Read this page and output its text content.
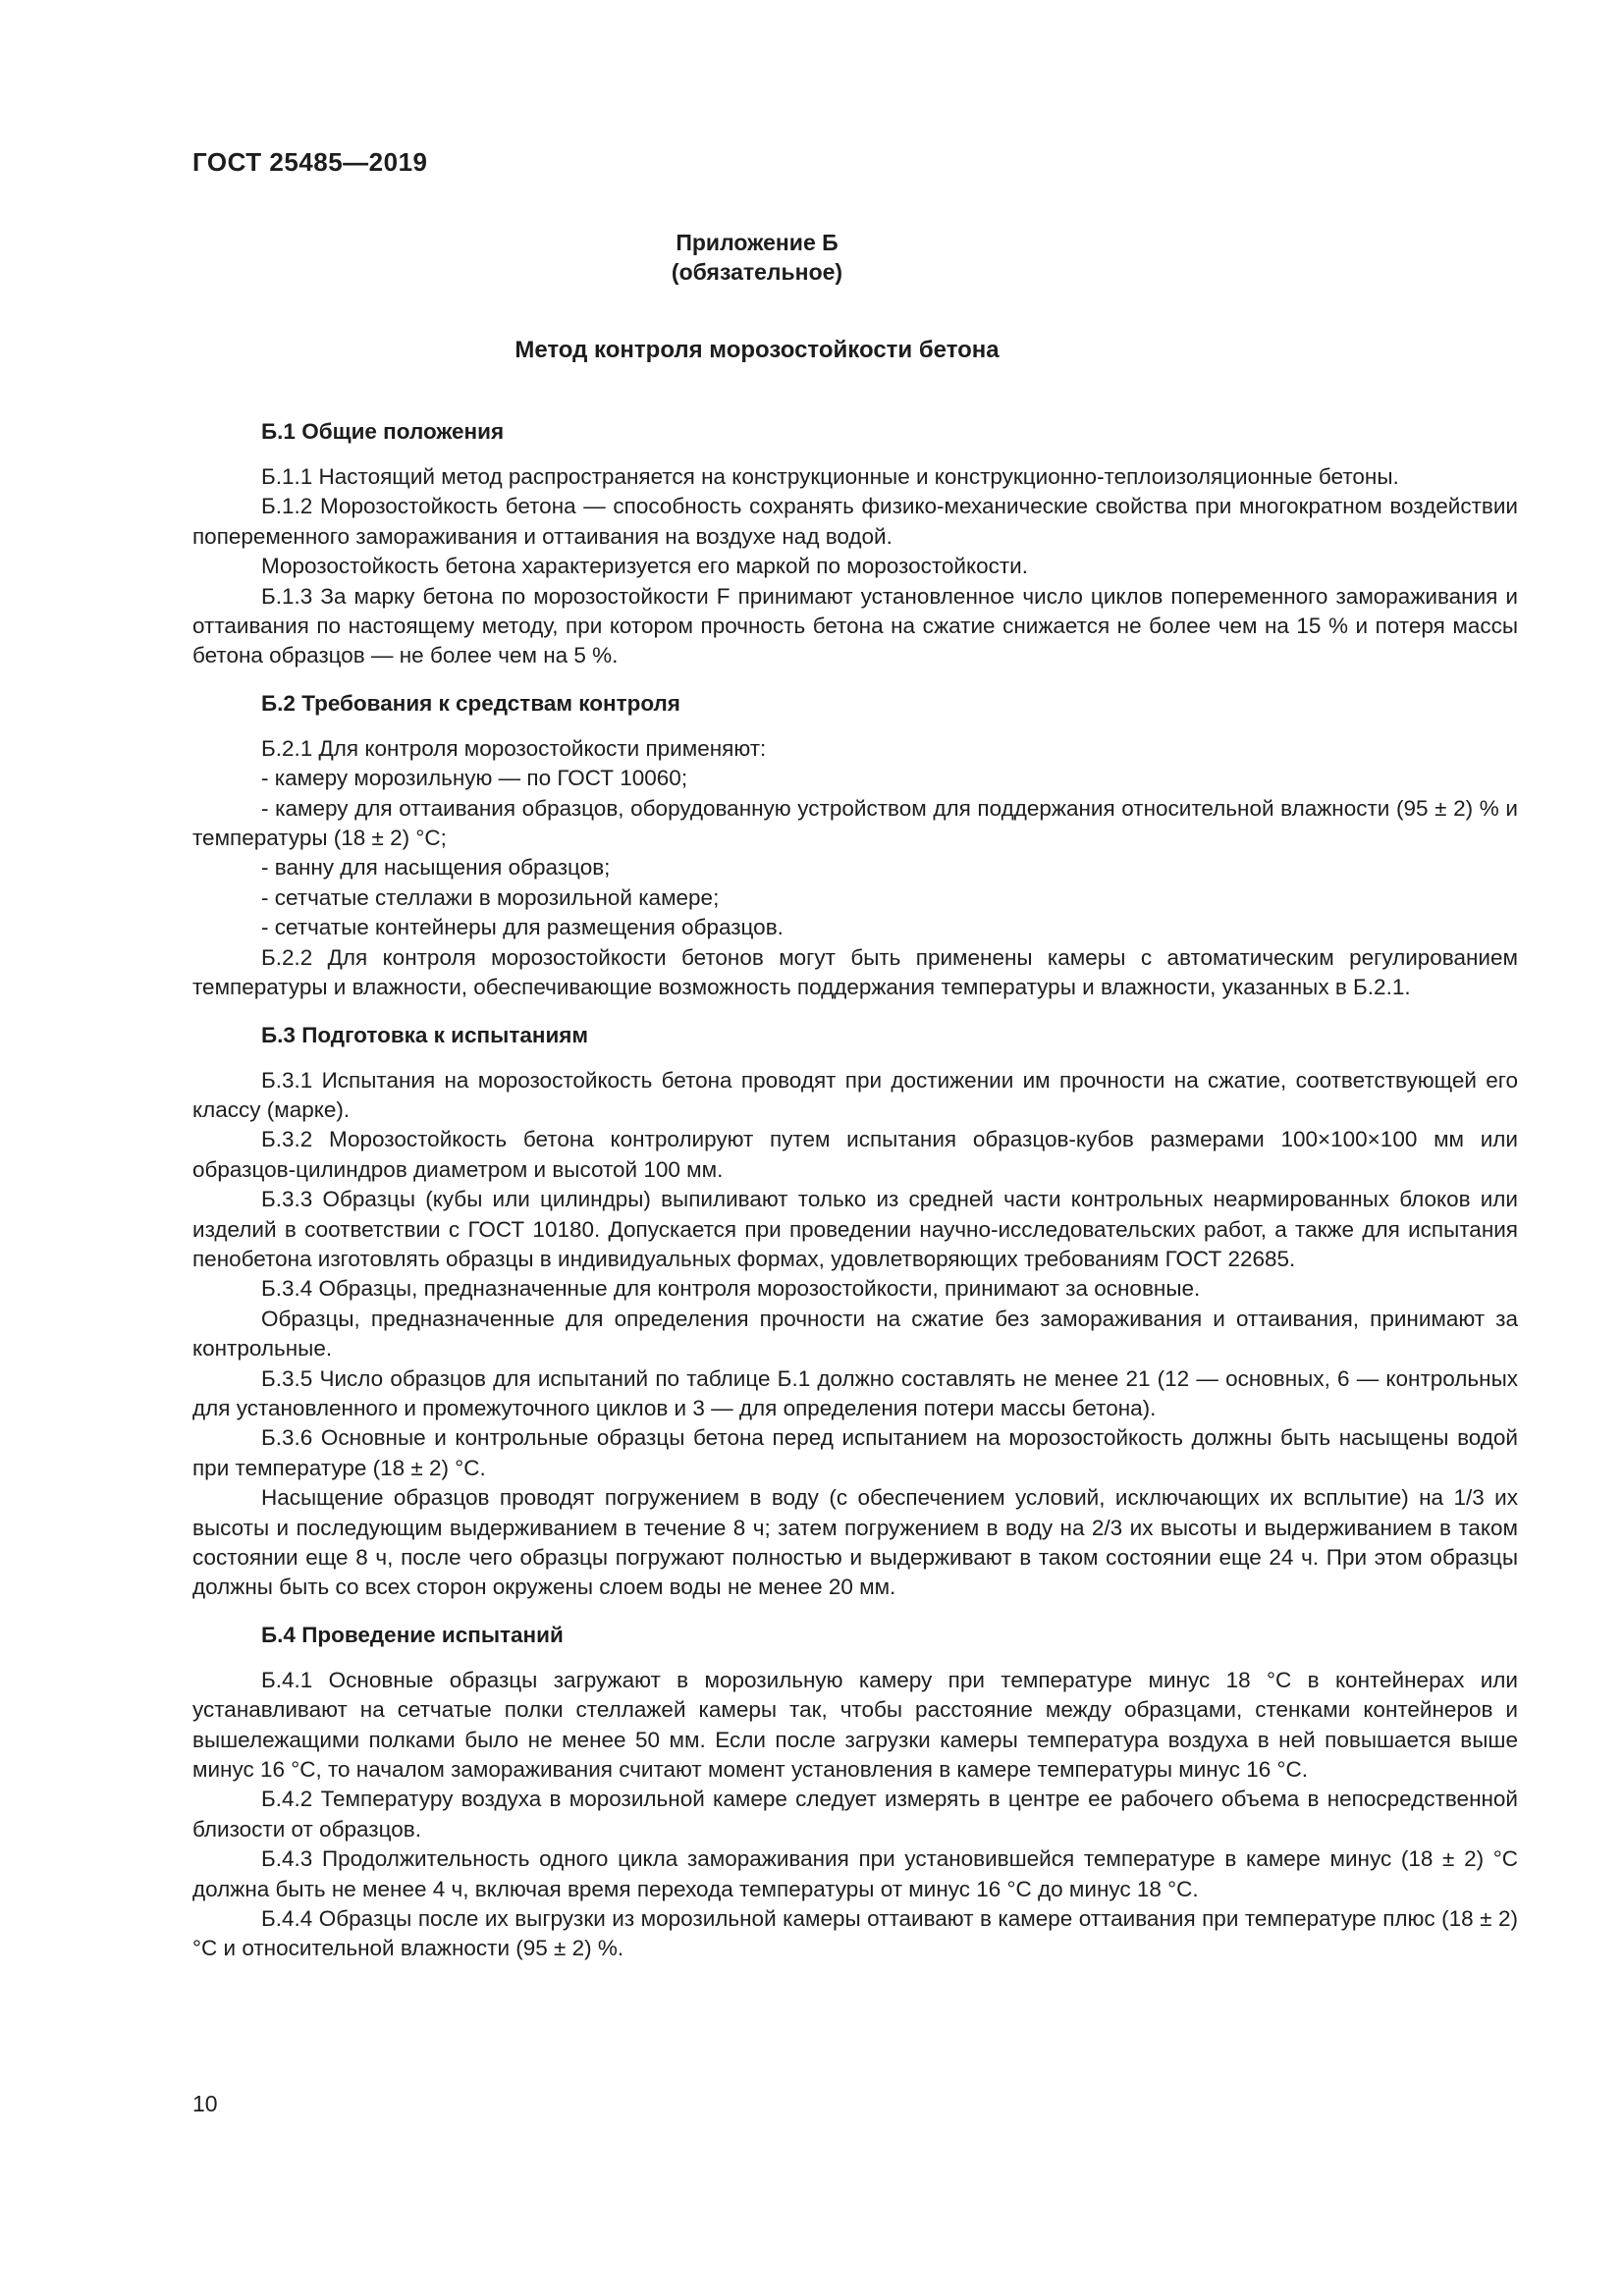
ГОСТ 25485—2019
Приложение Б
(обязательное)
Метод контроля морозостойкости бетона
Б.1 Общие положения

Б.1.1 Настоящий метод распространяется на конструкционные и конструкционно-теплоизоляционные бетоны.

Б.1.2 Морозостойкость бетона — способность сохранять физико-механические свойства при многократном воздействии попеременного замораживания и оттаивания на воздухе над водой.

Морозостойкость бетона характеризуется его маркой по морозостойкости.

Б.1.3 За марку бетона по морозостойкости F принимают установленное число циклов попеременного замораживания и оттаивания по настоящему методу, при котором прочность бетона на сжатие снижается не более чем на 15 % и потеря массы бетона образцов — не более чем на 5 %.

Б.2 Требования к средствам контроля

Б.2.1 Для контроля морозостойкости применяют:

- камеру морозильную — по ГОСТ 10060;

- камеру для оттаивания образцов, оборудованную устройством для поддержания относительной влажности (95 ± 2) % и температуры (18 ± 2) °С;

- ванну для насыщения образцов;

- сетчатые стеллажи в морозильной камере;

- сетчатые контейнеры для размещения образцов.

Б.2.2 Для контроля морозостойкости бетонов могут быть применены камеры с автоматическим регулированием температуры и влажности, обеспечивающие возможность поддержания температуры и влажности, указанных в Б.2.1.

Б.3 Подготовка к испытаниям

Б.3.1 Испытания на морозостойкость бетона проводят при достижении им прочности на сжатие, соответствующей его классу (марке).

Б.3.2 Морозостойкость бетона контролируют путем испытания образцов-кубов размерами 100×100×100 мм или образцов-цилиндров диаметром и высотой 100 мм.

Б.3.3 Образцы (кубы или цилиндры) выпиливают только из средней части контрольных неармированных блоков или изделий в соответствии с ГОСТ 10180. Допускается при проведении научно-исследовательских работ, а также для испытания пенобетона изготовлять образцы в индивидуальных формах, удовлетворяющих требованиям ГОСТ 22685.

Б.3.4 Образцы, предназначенные для контроля морозостойкости, принимают за основные.

Образцы, предназначенные для определения прочности на сжатие без замораживания и оттаивания, принимают за контрольные.

Б.3.5 Число образцов для испытаний по таблице Б.1 должно составлять не менее 21 (12 — основных, 6 — контрольных для установленного и промежуточного циклов и 3 — для определения потери массы бетона).

Б.3.6 Основные и контрольные образцы бетона перед испытанием на морозостойкость должны быть насыщены водой при температуре (18 ± 2) °С.

Насыщение образцов проводят погружением в воду (с обеспечением условий, исключающих их всплытие) на 1/3 их высоты и последующим выдерживанием в течение 8 ч; затем погружением в воду на 2/3 их высоты и выдерживанием в таком состоянии еще 8 ч, после чего образцы погружают полностью и выдерживают в таком состоянии еще 24 ч. При этом образцы должны быть со всех сторон окружены слоем воды не менее 20 мм.

Б.4 Проведение испытаний

Б.4.1 Основные образцы загружают в морозильную камеру при температуре минус 18 °С в контейнерах или устанавливают на сетчатые полки стеллажей камеры так, чтобы расстояние между образцами, стенками контейнеров и вышележащими полками было не менее 50 мм. Если после загрузки камеры температура воздуха в ней повышается выше минус 16 °С, то началом замораживания считают момент установления в камере температуры минус 16 °С.

Б.4.2 Температуру воздуха в морозильной камере следует измерять в центре ее рабочего объема в непосредственной близости от образцов.

Б.4.3 Продолжительность одного цикла замораживания при установившейся температуре в камере минус (18 ± 2) °С должна быть не менее 4 ч, включая время перехода температуры от минус 16 °С до минус 18 °С.

Б.4.4 Образцы после их выгрузки из морозильной камеры оттаивают в камере оттаивания при температуре плюс (18 ± 2) °С и относительной влажности (95 ± 2) %.

10
